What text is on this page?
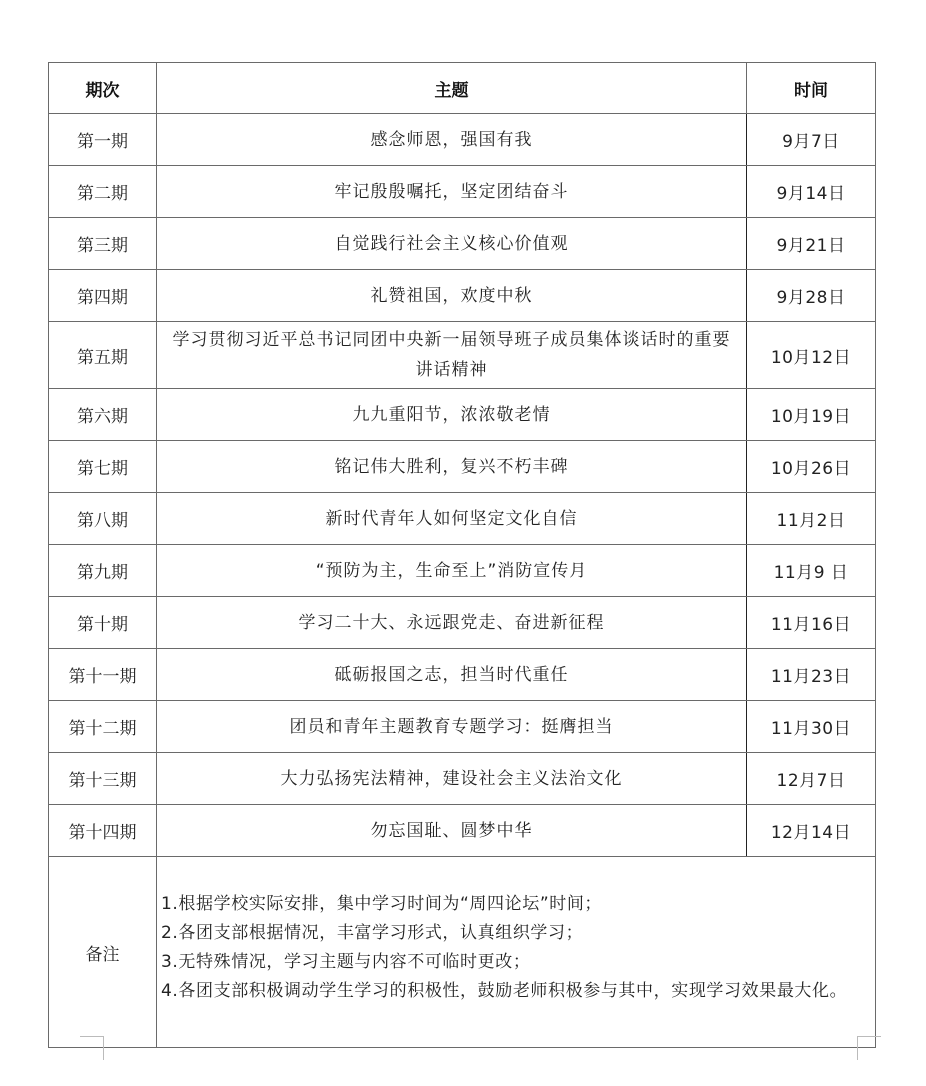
期次	主题	时间
第一期	感念师恩，强国有我	9月7日
第二期	牢记殷殷嘱托，坚定团结奋斗	9月14日
第三期	自觉践行社会主义核心价值观	9月21日
第四期	礼赞祖国，欢度中秋	9月28日
第五期	学习贯彻习近平总书记同团中央新一届领导班子成员集体谈话时的重要讲话精神	10月12日
第六期	九九重阳节，浓浓敬老情	10月19日
第七期	铭记伟大胜利，复兴不朽丰碑	10月26日
第八期	新时代青年人如何坚定文化自信	11月2日
第九期	“预防为主，生命至上”消防宣传月	11月9 日
第十期	学习二十大、永远跟党走、奋进新征程	11月16日
第十一期	砥砺报国之志，担当时代重任	11月23日
第十二期	团员和青年主题教育专题学习：挺膺担当	11月30日
第十三期	大力弘扬宪法精神，建设社会主义法治文化	12月7日
第十四期	勿忘国耻、圆梦中华	12月14日
备注	1.根据学校实际安排，集中学习时间为“周四论坛”时间；
2.各团支部根据情况，丰富学习形式，认真组织学习；
3.无特殊情况，学习主题与内容不可临时更改；
4.各团支部积极调动学生学习的积极性，鼓励老师积极参与其中，实现学习效果最大化。	
